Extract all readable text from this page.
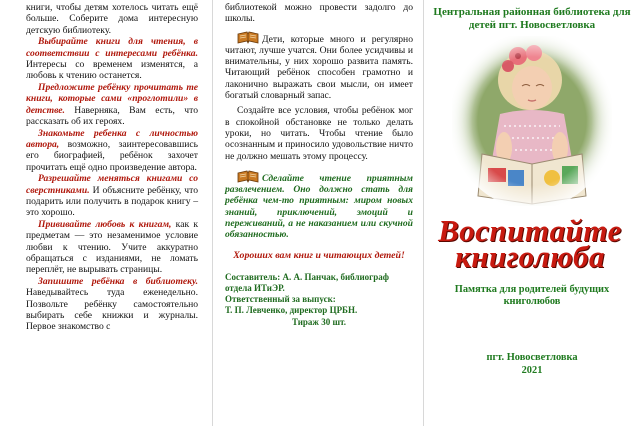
книги, чтобы детям хотелось читать ещё больше. Соберите дома интересную детскую библиотеку.

Выбирайте книги для чтения, в соответствии с интересами ребёнка. Интересы со временем изменятся, а любовь к чтению останется.

Предложите ребёнку прочитать те книги, которые сами «проглотили» в детстве. Наверняка, Вам есть, что рассказать об их героях.

Знакомьте ребенка с личностью автора, возможно, заинтересовавшись его биографией, ребёнок захочет прочитать ещё одно произведение автора.

Разрешайте меняться книгами со сверстниками. И объясните ребёнку, что подарить или получить в подарок книгу – это хорошо.

Прививайте любовь к книгам, как к предметам — это незаменимое условие любви к чтению. Учите аккуратно обращаться с изданиями, не ломать переплёт, не вырывать страницы.

Запишите ребёнка в библиотеку. Наведывайтесь туда еженедельно. Позвольте ребёнку самостоятельно выбирать себе книжки и журналы. Первое знакомство с

библиотекой можно провести задолго до школы.

Дети, которые много и регулярно читают, лучше учатся. Они более усидчивы и внимательны, у них хорошо развита память. Читающий ребёнок способен грамотно и лаконично выражать свои мысли, он имеет богатый словарный запас.

Создайте все условия, чтобы ребёнок мог в спокойной обстановке не только делать уроки, но читать. Чтобы чтение было осознанным и приносило удовольствие ничто не должно мешать этому процессу.

Сделайте чтение приятным развлечением. Оно должно стать для ребёнка чем-то приятным: миром новых знаний, приключений, эмоций и переживаний, а не наказанием или скучной обязанностью.

Хороших вам книг и читающих детей!

Составитель: А. А. Панчак, библиограф отдела ИТиЭР.
Ответственный за выпуск:
Т. П. Левченко, директор ЦРБН.
Тираж 30 шт.
Центральная районная библиотека для детей пгт. Новосветловка
Воспитайте
книголюба
Памятка для родителей будущих книголюбов
пгт. Новосветловка
2021
